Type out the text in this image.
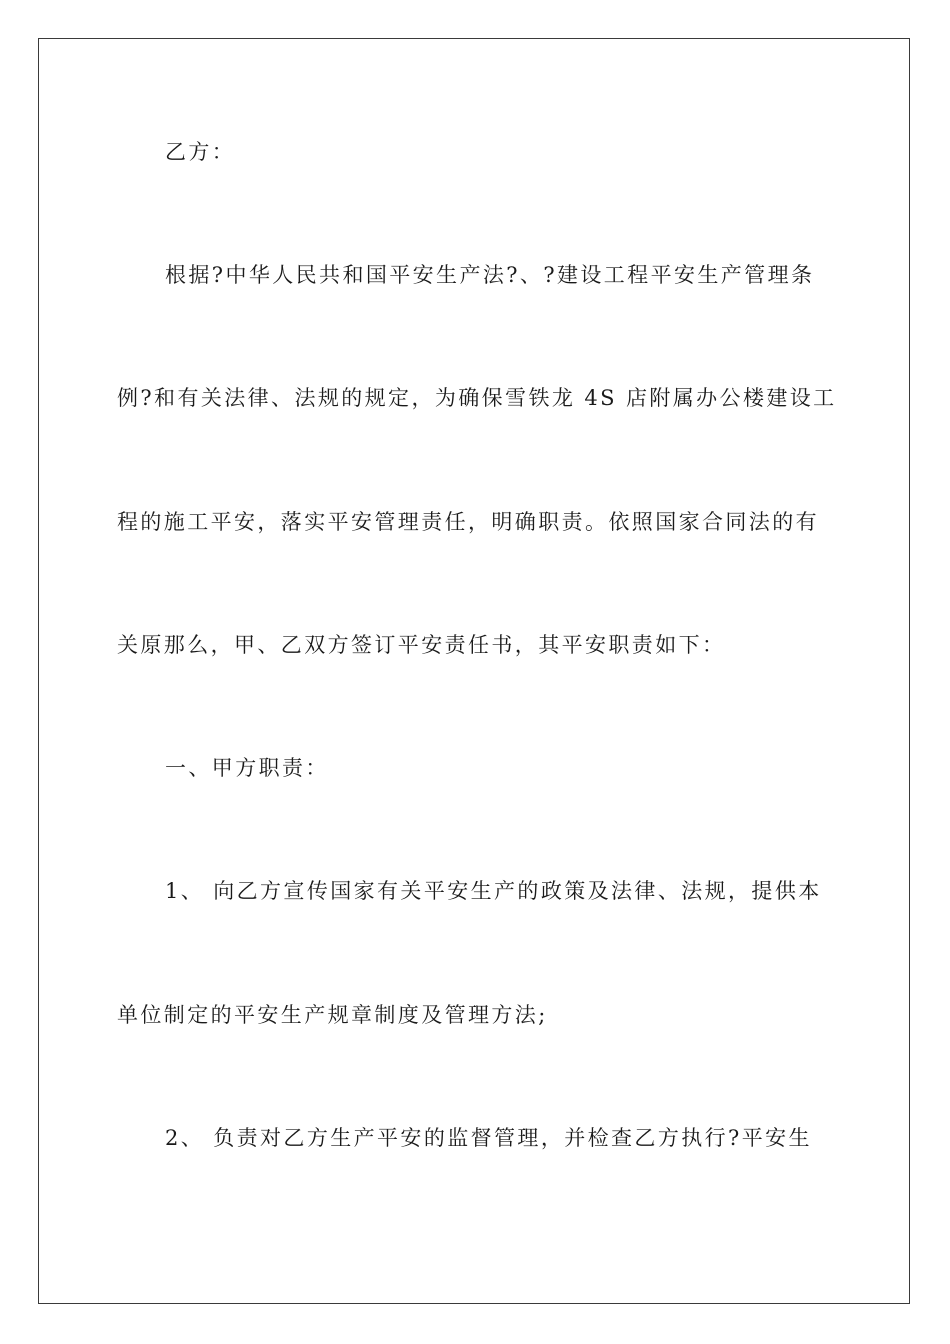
乙方：
根据?中华人民共和国平安生产法?、?建设工程平安生产管理条
例?和有关法律、法规的规定，为确保雪铁龙 4S 店附属办公楼建设工
程的施工平安，落实平安管理责任，明确职责。依照国家合同法的有
关原那么，甲、乙双方签订平安责任书，其平安职责如下：
一、甲方职责：
1、 向乙方宣传国家有关平安生产的政策及法律、法规，提供本
单位制定的平安生产规章制度及管理方法;
2、 负责对乙方生产平安的监督管理，并检查乙方执行?平安生
